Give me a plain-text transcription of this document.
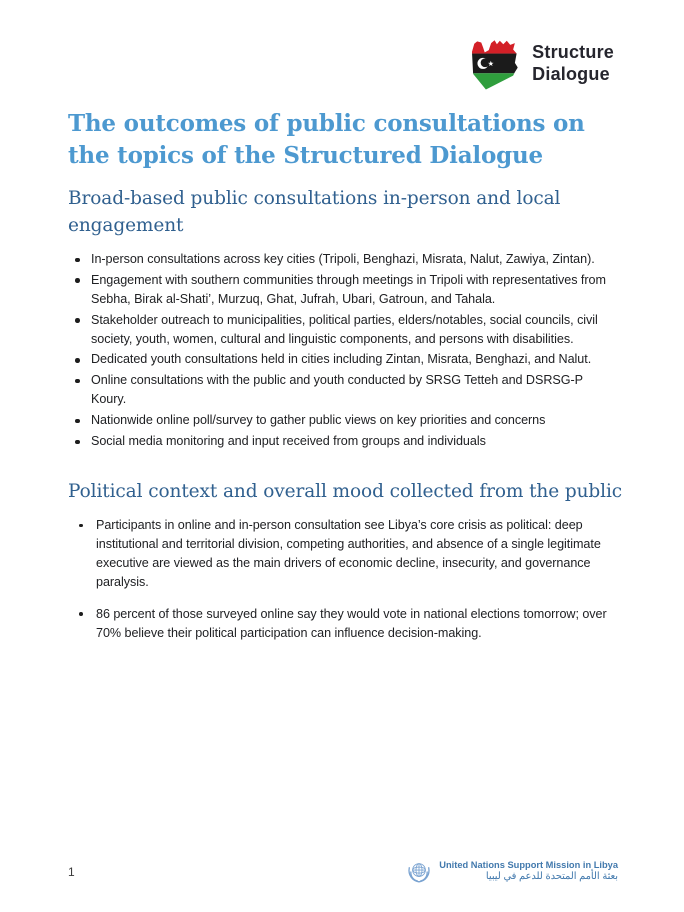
Structure
Dialogue
The outcomes of public consultations on the topics of the Structured Dialogue
Broad-based public consultations in-person and local engagement
In-person consultations across key cities (Tripoli, Benghazi, Misrata, Nalut, Zawiya, Zintan).
Engagement with southern communities through meetings in Tripoli with representatives from Sebha, Birak al-Shati’, Murzuq, Ghat, Jufrah, Ubari, Gatroun, and Tahala.
Stakeholder outreach to municipalities, political parties, elders/notables, social councils, civil society, youth, women, cultural and linguistic components, and persons with disabilities.
Dedicated youth consultations held in cities including Zintan, Misrata, Benghazi, and Nalut.
Online consultations with the public and youth conducted by SRSG Tetteh and DSRSG-P Koury.
Nationwide online poll/survey to gather public views on key priorities and concerns
Social media monitoring and input received from groups and individuals
Political context and overall mood collected from the public
Participants in online and in-person consultation see Libya’s core crisis as political: deep institutional and territorial division, competing authorities, and absence of a single legitimate executive are viewed as the main drivers of economic decline, insecurity, and governance paralysis.
86 percent of those surveyed online say they would vote in national elections tomorrow; over 70% believe their political participation can influence decision-making.
1
United Nations Support Mission in Libya
بعثة الأمم المتحدة للدعم في ليبيا
